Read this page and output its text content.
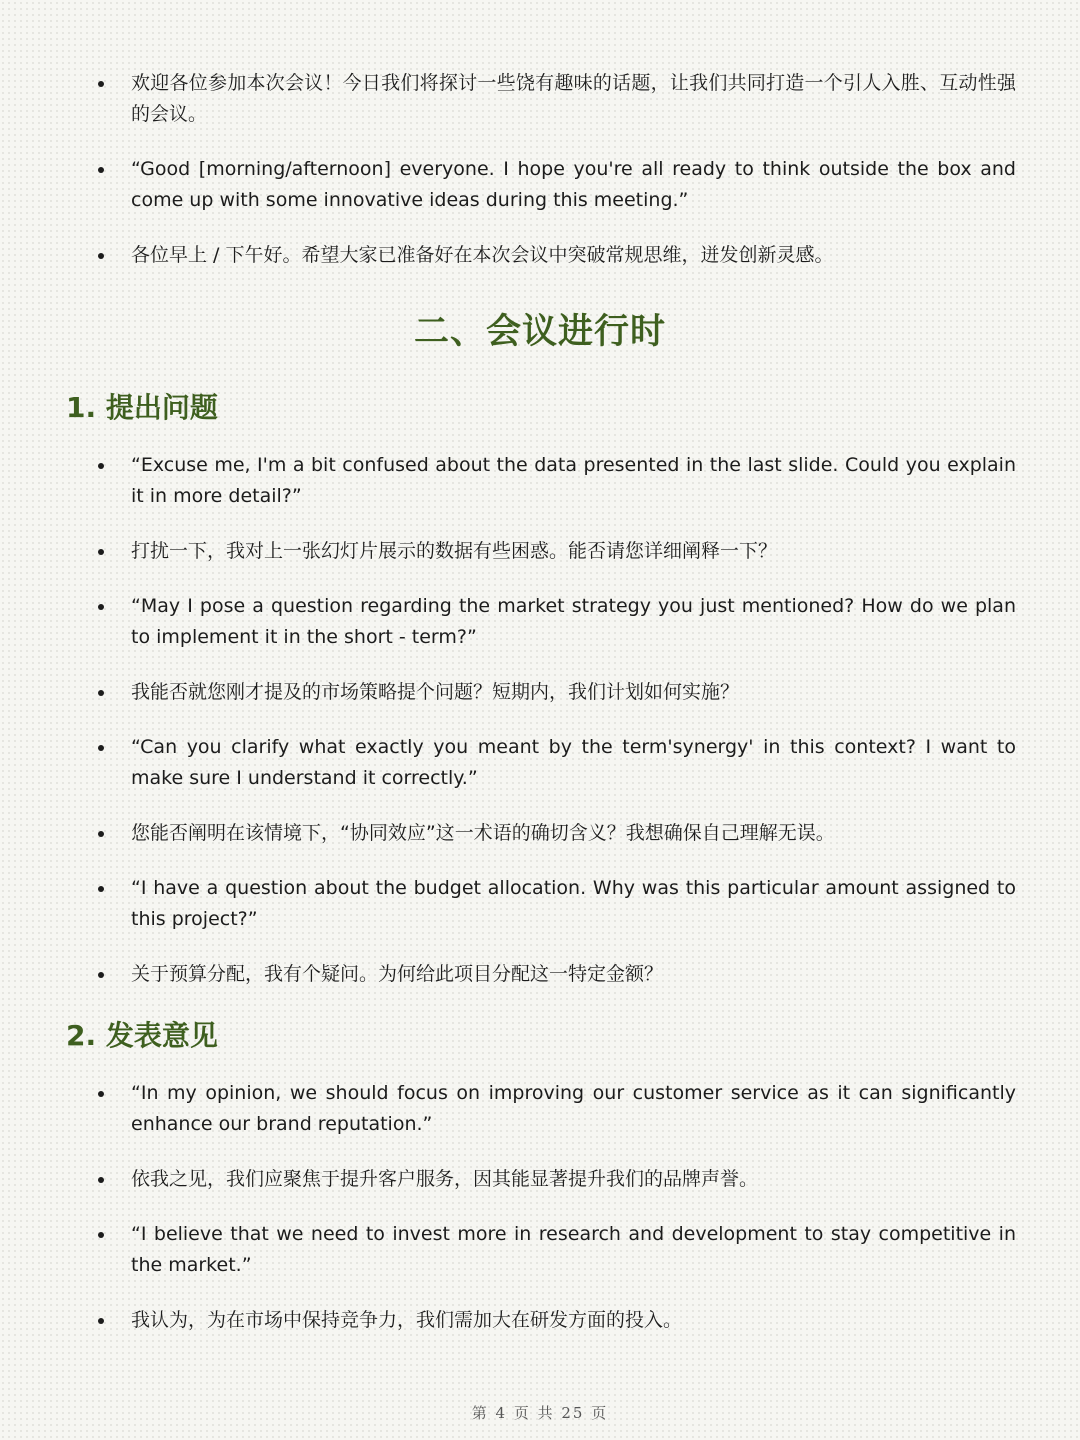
欢迎各位参加本次会议！今日我们将探讨一些饶有趣味的话题，让我们共同打造一个引人入胜、互动性强的会议。
“Good [morning/afternoon] everyone. I hope you're all ready to think outside the box and come up with some innovative ideas during this meeting.”
各位早上 / 下午好。希望大家已准备好在本次会议中突破常规思维，迸发创新灵感。
二、会议进行时
1. 提出问题
“Excuse me, I'm a bit confused about the data presented in the last slide. Could you explain it in more detail?”
打扰一下，我对上一张幻灯片展示的数据有些困惑。能否请您详细阐释一下？
“May I pose a question regarding the market strategy you just mentioned? How do we plan to implement it in the short - term?”
我能否就您刚才提及的市场策略提个问题？短期内，我们计划如何实施？
“Can you clarify what exactly you meant by the term'synergy' in this context? I want to make sure I understand it correctly.”
您能否阐明在该情境下，“协同效应”这一术语的确切含义？我想确保自己理解无误。
“I have a question about the budget allocation. Why was this particular amount assigned to this project?”
关于预算分配，我有个疑问。为何给此项目分配这一特定金额？
2. 发表意见
“In my opinion, we should focus on improving our customer service as it can significantly enhance our brand reputation.”
依我之见，我们应聚焦于提升客户服务，因其能显著提升我们的品牌声誉。
“I believe that we need to invest more in research and development to stay competitive in the market.”
我认为，为在市场中保持竞争力，我们需加大在研发方面的投入。
第 4 页 共 25 页
